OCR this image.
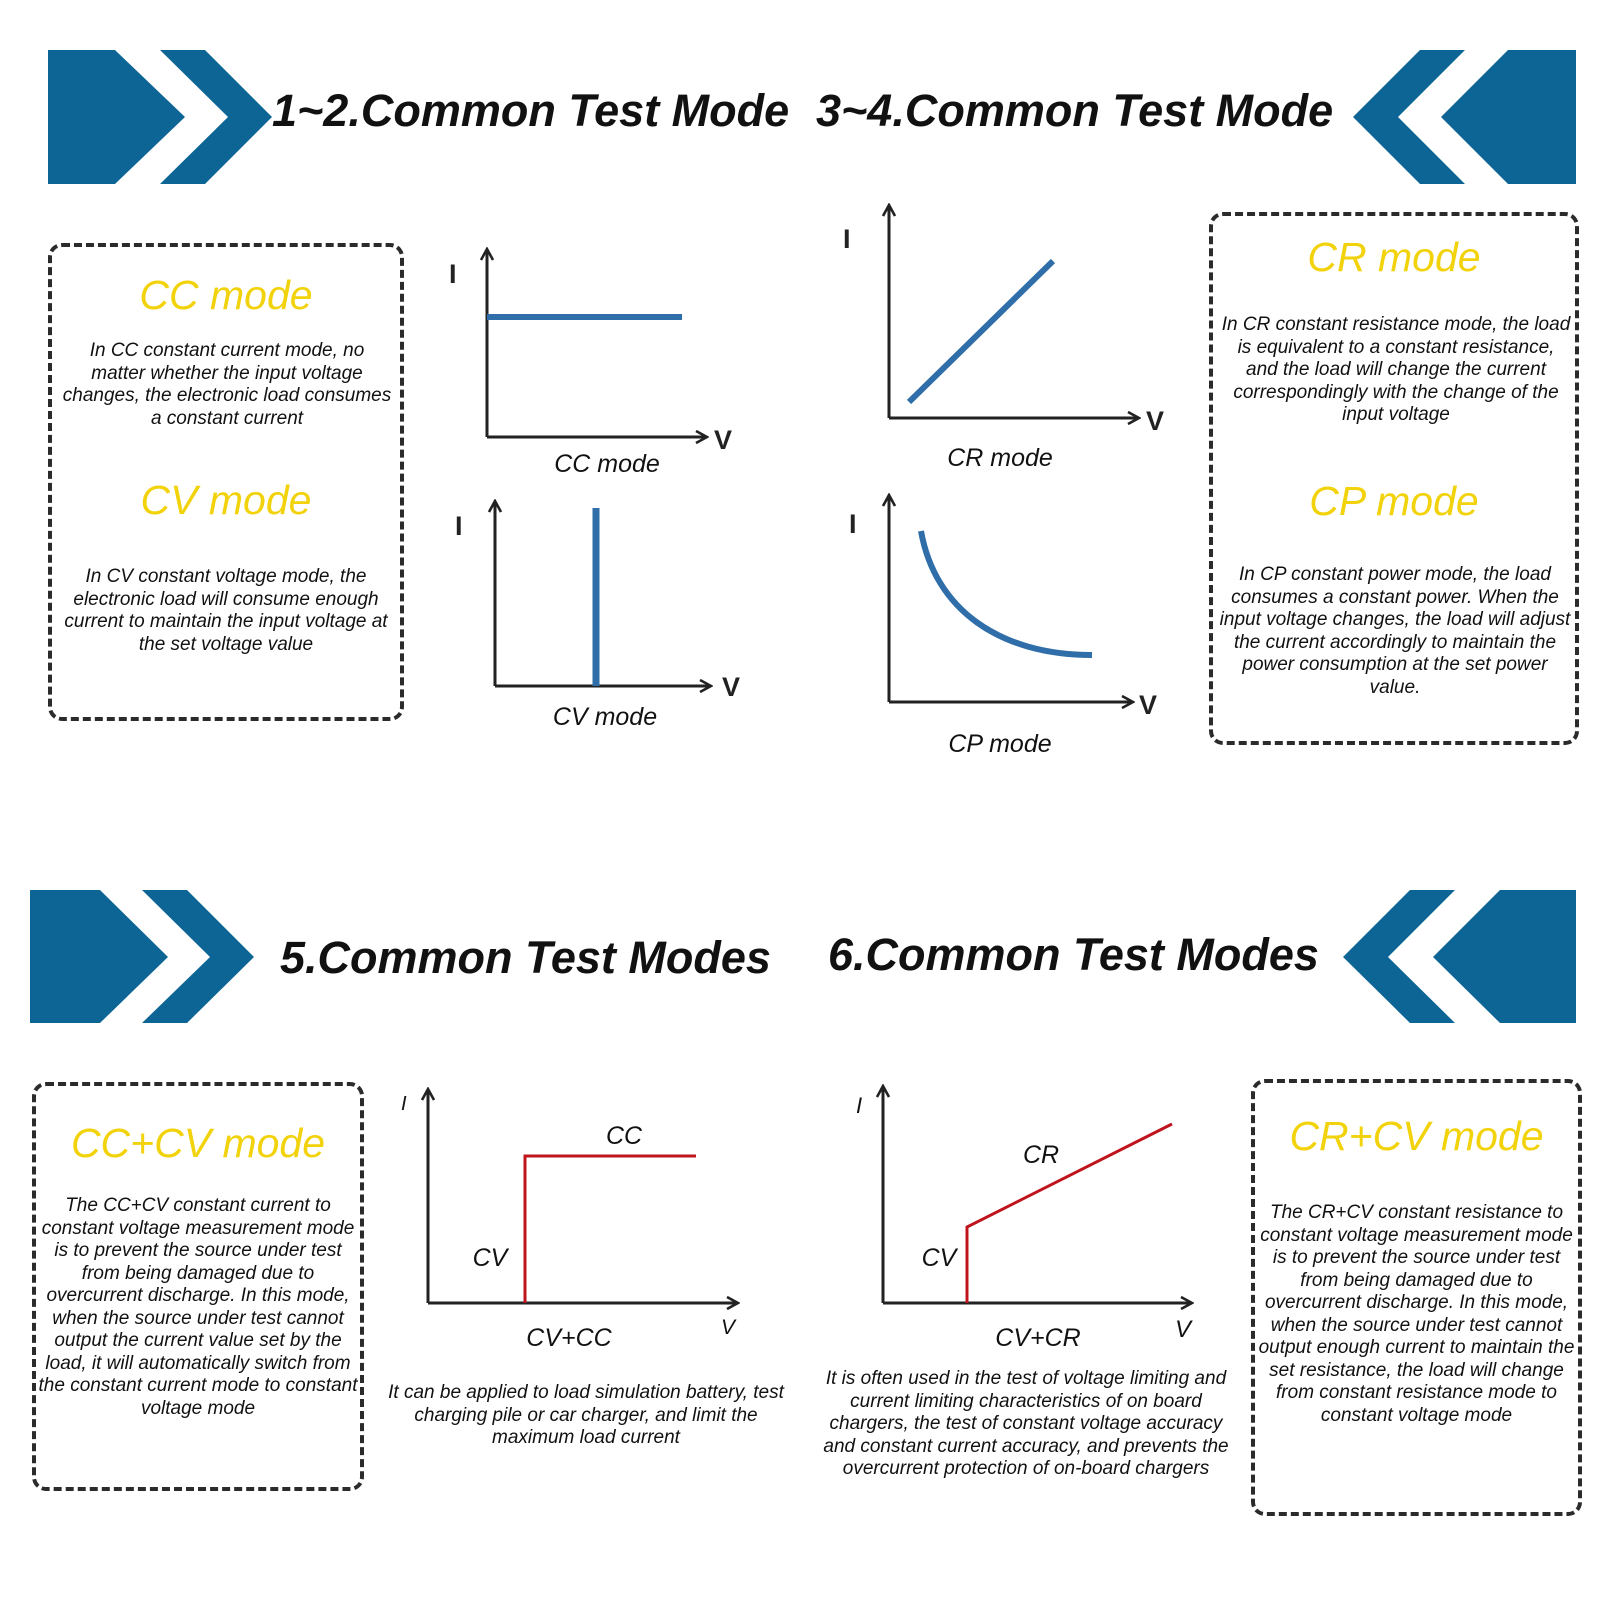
I
V
CC mode
I
V
CV mode
I
V
CR mode
I
V
CP mode
I
V
CC
CV
CV+CC
I
V
CR
CV
CV+CR
1~2.Common Test Mode 3~4.Common Test Mode
5.Common Test Modes 6.Common Test Modes
CC mode
In CC constant current mode, no matter whether the input voltage changes, the electronic load consumes a constant current
CV mode
In CV constant voltage mode, the electronic load will consume enough current to maintain the input voltage at the set voltage value
CR mode
In CR constant resistance mode, the load is equivalent to a constant resistance, and the load will change the current correspondingly with the change of the input voltage
CP mode
In CP constant power mode, the load consumes a constant power. When the input voltage changes, the load will adjust the current accordingly to maintain the power consumption at the set power value.
CC+CV mode
The CC+CV constant current to constant voltage measurement mode is to prevent the source under test from being damaged due to overcurrent discharge. In this mode, when the source under test cannot output the current value set by the load, it will automatically switch from the constant current mode to constant voltage mode
CR+CV mode
The CR+CV constant resistance to constant voltage measurement mode is to prevent the source under test from being damaged due to overcurrent discharge. In this mode, when the source under test cannot output enough current to maintain the set resistance, the load will change from constant resistance mode to constant voltage mode
It can be applied to load simulation battery, test charging pile or car charger, and limit the maximum load current
It is often used in the test of voltage limiting and current limiting characteristics of on board chargers, the test of constant voltage accuracy and constant current accuracy, and prevents the overcurrent protection of on-board chargers
